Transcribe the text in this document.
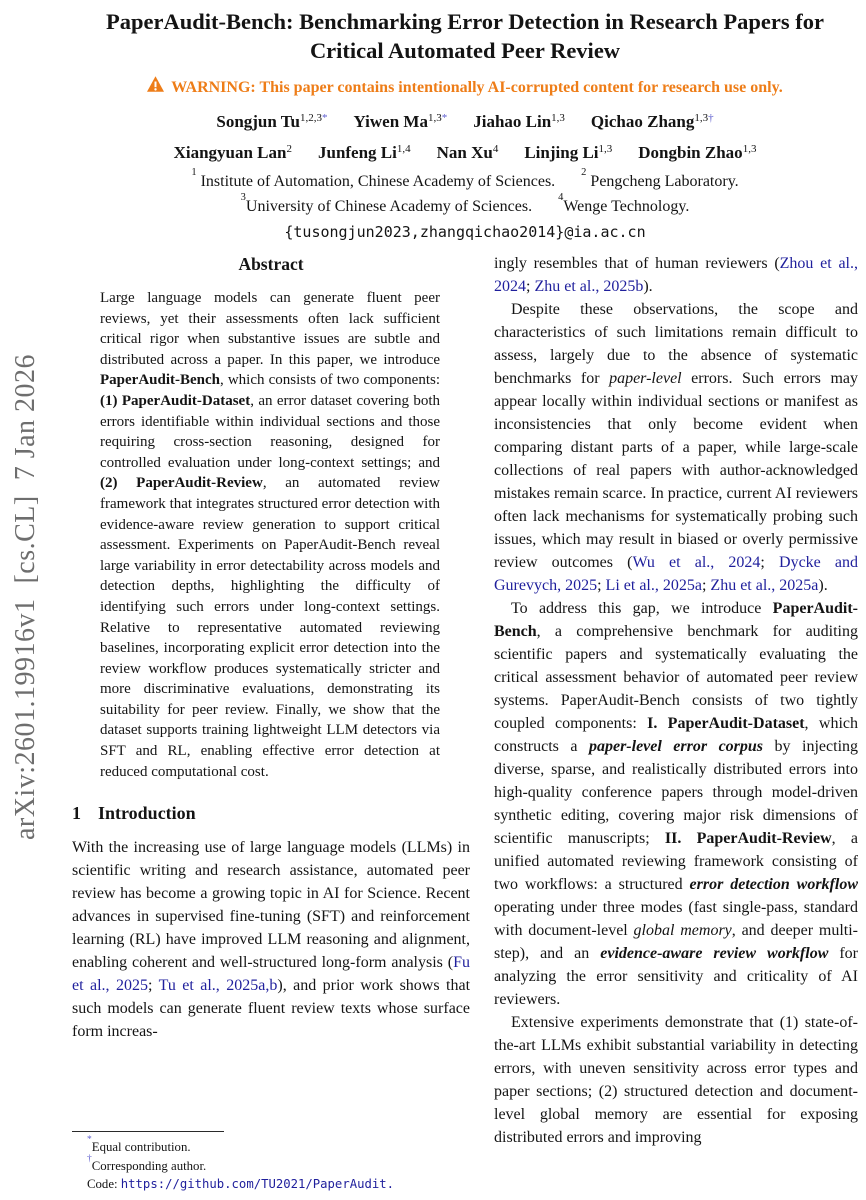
arXiv:2601.19916v1  [cs.CL]  7 Jan 2026
PaperAudit-Bench: Benchmarking Error Detection in Research Papers for
Critical Automated Peer Review
WARNING: This paper contains intentionally AI-corrupted content for research use only.
Songjun $Tu^{1,2,3*}$ Yiwen $Ma^{1,3*}$ Jiahao Lin$^{1,3}$ Qichao Zhang$^{1,3\dagger}$
Xiangyuan Lan$^2$ Junfeng Li$^{1,4}$ Nan Xu$^4$ Linjing Li$^{1,3}$ Dongbin Zhao$^{1,3}$
$^1$ Institute of Automation, Chinese Academy of Sciences.$^2$ Pengcheng Laboratory.
$^3$University of Chinese Academy of Sciences.$^4$Wenge Technology.
{tusongjun2023,zhangqichao2014}@ia.ac.cn
Abstract
Large language models can generate fluent peer reviews, yet their assessments often lack sufficient critical rigor when substantive issues are subtle and distributed across a paper. In this paper, we introduce PaperAudit-Bench, which consists of two components: (1) PaperAudit-Dataset, an error dataset covering both errors identifiable within individual sections and those requiring cross-section reasoning, designed for controlled evaluation under long-context settings; and (2) PaperAudit-Review, an automated review framework that integrates structured error detection with evidence-aware review generation to support critical assessment. Experiments on PaperAudit-Bench reveal large variability in error detectability across models and detection depths, highlighting the difficulty of identifying such errors under long-context settings. Relative to representative automated reviewing baselines, incorporating explicit error detection into the review workflow produces systematically stricter and more discriminative evaluations, demonstrating its suitability for peer review. Finally, we show that the dataset supports training lightweight LLM detectors via SFT and RL, enabling effective error detection at reduced computational cost.
1 Introduction

With the increasing use of large language models (LLMs) in scientific writing and research assistance, automated peer review has become a growing topic in AI for Science. Recent advances in supervised fine-tuning (SFT) and reinforcement learning (RL) have improved LLM reasoning and alignment, enabling coherent and well-structured long-form analysis (Fu et al., 2025; Tu et al., 2025a,b), and prior work shows that such models can generate fluent review texts whose surface form increas-

*Equal contribution.
†Corresponding author.
Code: https://github.com/TU2021/PaperAudit.

ingly resembles that of human reviewers (Zhou et al., 2024; Zhu et al., 2025b).

Despite these observations, the scope and characteristics of such limitations remain difficult to assess, largely due to the absence of systematic benchmarks for paper-level errors. Such errors may appear locally within individual sections or manifest as inconsistencies that only become evident when comparing distant parts of a paper, while large-scale collections of real papers with author-acknowledged mistakes remain scarce. In practice, current AI reviewers often lack mechanisms for systematically probing such issues, which may result in biased or overly permissive review outcomes (Wu et al., 2024; Dycke and Gurevych, 2025; Li et al., 2025a; Zhu et al., 2025a).

To address this gap, we introduce PaperAudit-Bench, a comprehensive benchmark for auditing scientific papers and systematically evaluating the critical assessment behavior of automated peer review systems. PaperAudit-Bench consists of two tightly coupled components: I. PaperAudit-Dataset, which constructs a paper-level error corpus by injecting diverse, sparse, and realistically distributed errors into high-quality conference papers through model-driven synthetic editing, covering major risk dimensions of scientific manuscripts; II. PaperAudit-Review, a unified automated reviewing framework consisting of two workflows: a structured error detection workflow operating under three modes (fast single-pass, standard with document-level global memory, and deeper multi-step), and an evidence-aware review workflow for analyzing the error sensitivity and criticality of AI reviewers.

Extensive experiments demonstrate that (1) state-of-the-art LLMs exhibit substantial variability in detecting errors, with uneven sensitivity across error types and paper sections; (2) structured detection and document-level global memory are essential for exposing distributed errors and improving
